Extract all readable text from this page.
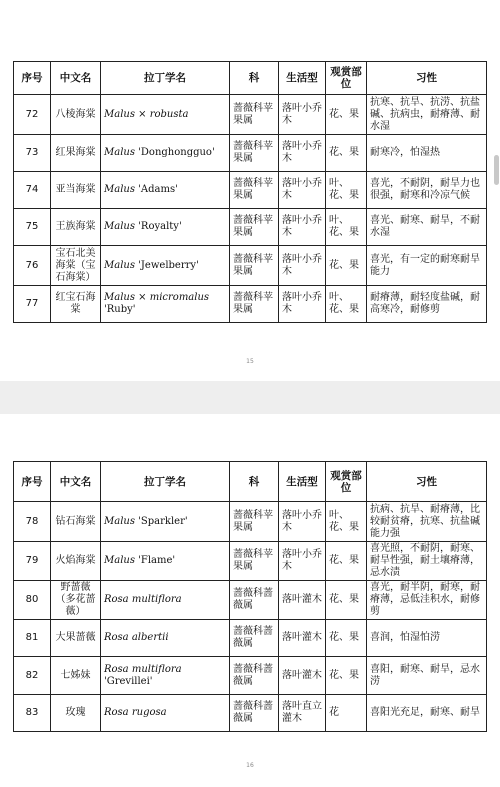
序号	中文名	拉丁学名	科	生活型	观赏部位	习性
72	八棱海棠	Malus × robusta	蔷薇科苹果属	落叶小乔木	花、果	抗寒、抗旱、抗涝、抗盐碱、抗病虫，耐瘠薄、耐水湿
73	红果海棠	Malus 'Donghongguo'	蔷薇科苹果属	落叶小乔木	花、果	耐寒冷，怕湿热
74	亚当海棠	Malus 'Adams'	蔷薇科苹果属	落叶小乔木	叶、花、果	喜光，不耐阴，耐旱力也很强，耐寒和冷凉气候
75	王族海棠	Malus 'Royalty'	蔷薇科苹果属	落叶小乔木	叶、花、果	喜光、耐寒、耐旱，不耐水湿
76	宝石北美海棠（宝石海棠）	Malus 'Jewelberry'	蔷薇科苹果属	落叶小乔木	花、果	喜光，有一定的耐寒耐旱能力
77	红宝石海棠	Malus × micromalus 'Ruby'	蔷薇科苹果属	落叶小乔木	叶、花、果	耐瘠薄，耐轻度盐碱，耐高寒冷，耐修剪
15
序号	中文名	拉丁学名	科	生活型	观赏部位	习性
78	钻石海棠	Malus 'Sparkler'	蔷薇科苹果属	落叶小乔木	叶、花、果	抗病、抗旱、耐瘠薄，比较耐贫瘠，抗寒、抗盐碱能力强
79	火焰海棠	Malus 'Flame'	蔷薇科苹果属	落叶小乔木	花、果	喜光照，不耐阴，耐寒、耐旱性强，耐土壤瘠薄，忌水渍
80	野蔷薇（多花蔷薇）	Rosa multiflora	蔷薇科蔷薇属	落叶灌木	花、果	喜光，耐半阴，耐寒，耐瘠薄，忌低洼积水，耐修剪
81	大果蔷薇	Rosa albertii	蔷薇科蔷薇属	落叶灌木	花、果	喜润，怕湿怕涝
82	七姊妹	Rosa multiflora 'Grevillei'	蔷薇科蔷薇属	落叶灌木	花、果	喜阳，耐寒、耐旱，忌水涝
83	玫瑰	Rosa rugosa	蔷薇科蔷薇属	落叶直立灌木	花	喜阳光充足，耐寒、耐旱
16
